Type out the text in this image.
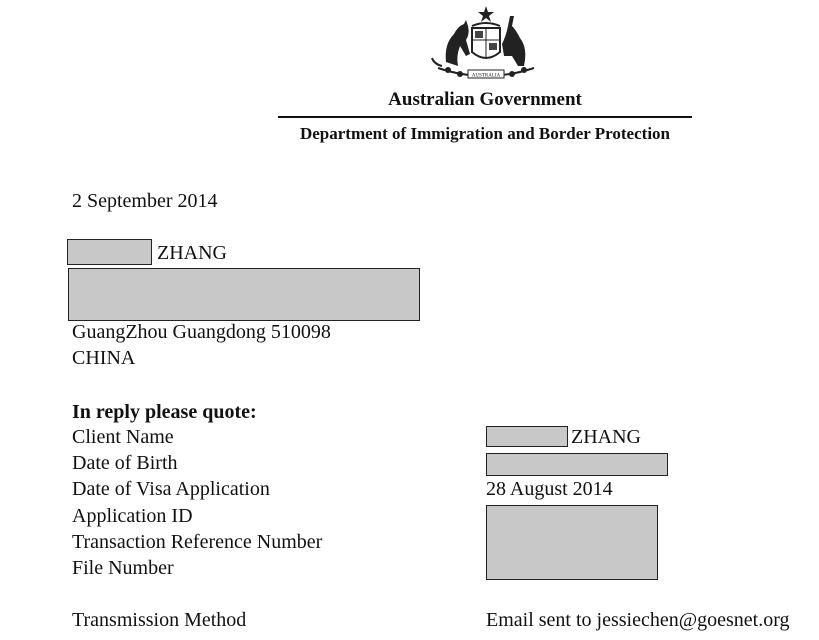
AUSTRALIA
Australian Government
Department of Immigration and Border Protection
2 September 2014
ZHANG
GuangZhou Guangdong 510098
CHINA
In reply please quote:
Client Name	ZHANG
Date of Birth
Date of Visa Application	28 August 2014
Application ID
Transaction Reference Number
File Number
Transmission Method	Email sent to jessiechen@goesnet.org
